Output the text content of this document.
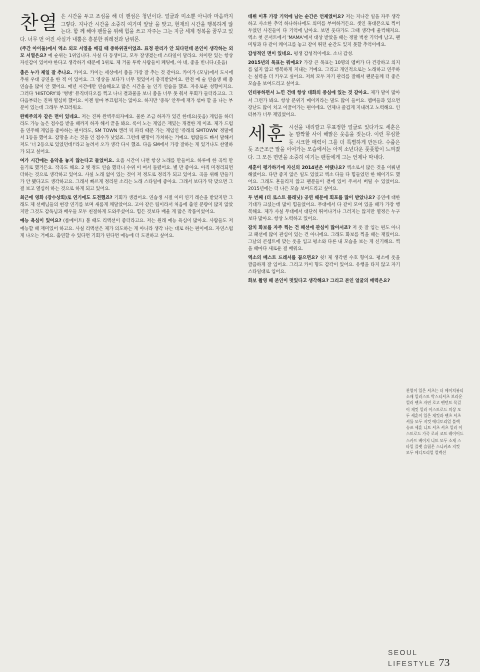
찬열 은 시간을 두고 조심을 해 더 핸섬은 청년이다. 얼굴과 미소뿐 아니라 마음까지 그렇다. 지나간 시간을 소중히 여기며 앞날 을 맞고, 현재의 시간을 행복하게 않는다. 함 께 해야 팬들을 위해 힘을 쓰고 자주는 그는 지금 세계 정복을 꿈꾸고 있다. 너무 먼 어진 사실가 내뿜은 흥분한 위레전과 남위몬.

(주간 아이돌)에서 엑소 외모 서열을 매길 때 중하위권이었죠. 표정 관리가 안 되다던데 본인이 생각하는 외모 서열은요? 예 순위는 1위입니다. 사실 다 동생이고, 모두 잘생겼는데 스타일이 달라요. 차이란 있는 항상 자신감이 있어야 한다고 생각하기 때문에 1위로. 제 거울 투박 사람들이 페팅에, 아 네, 좋을 빈니다.(웃음)

춤은 누가 제일 잘 추나요. 카이요. 카이는 세상에서 춤을 가장 잘 추는 것 같아요. 카이가 (모닝)에서 도시에 추위 우대 공연을 한 적 이 있어요. 그 영상을 보다가 너무 멋있어서 충격받았어요. 완전 예 술 연습생 때 춤 연습을 많이 안 했어요. 매년 시간에만 연습해요고 많은 시간을 늘 인기 연습을 했죠. 자유로운 성향이지요. 그러다 'HISTORY'와 '벙벙' 뮤직비디오를 찍고 나니 결과물을 보니 춤을 너무 못 춰서 후회가 들더라고요. 그다음부터는 진짜 열심히 했어요. 이젠 얼마 부끄럽지는 않아요. 하지만 '중독' 안무에 재가 섞마 할 을 나는 부분이 있는데 그래두 부끄러워요.

완벽주의자 같은 면이 있네요. 저는 진짜 완벽주의자예요. 물론 조금 하자가 있긴 한데요(웃음) 게임을 하더라도 가능 높은 점수를 받을 때까지 하자 해서 끝을 봐요. 록이 노는 게임은 재밌는 개결한 게 이죠. 제가 드럼을 연주해 게임을 좋아하는 편이라도, SM TOWN 캔러 픽 파티 때문 가는 게임인 '쥬래의 SMTOWN' 정말에서 1등을 했어요. 잠망을 소는 것을 인 점수가 낫었죠. 그런데 팬망이 가쳐하는 거예요. 범람들도 빠서 말해서 저도 '너 2등으로 있었던데!'라고 놀려서 오가 생각 다시 했죠. 다음 SM에서 가장 잘하는 게 있거나도 찬열하가 되고 싶어요.

여가 시간에는 음악을 놓지 않는다고 들었어요. 요즘 시간이 나면 항상 노래를 만들어요. 하루에 한 곡씩 만들기로 했거든요. 작곡도 해요. 2 옛 정도 연습 했더니 수위 이 여서 돌렸어요. 별 만 좋아요. 아직 미정리되면 더하는 것으로 생각하고 있어요. 사실 노래 없이 있는 것이 저 정도로 정리가 되고 있어요. 곡을 위해 만들기가 안 됐다고도 생각하고요. 그래서 빠르게 정리된 소리는 노래 스타일에 좋아요. 그래서 보다가 딱 맞으면 그걸 보고 열심히 하는 것으로 하게 되고 있어요.

최근에 영화 (장수상회)로 연기에도 도전했죠? 기회가 생겼어요. 연습생 시절 이미 연기 레슨을 받았지만 그래도 제 선배님들의 현장 연기를 보며 새롭게 깨달았어요. 고아 같은 팀이라서 처음에 출연 분량이 많지 않았지만 그것도 감독님과 배우들 모두 친절하게 도와주셨어요. 힘든 것보다 배울 게 많은 작품이었어요.

예능 욕심이 있어요? (룸메이트) 볼 때도 리액션이 좋더라고요. 저는 원래 예능 욕심이 많아요. 사람들도 저 예능할 때 재미있어 하고요. 사실 리액션은 제가 의도하는 게 아니라 생각 나는 대로 하는 편이에요. 자연스럽게 나오는 거예요. 출연할 수 있다면 기회가 된다면 예능에 더 도전하고 싶어요.

데뷔 이후 가장 기억에 남는 순간은 언제였어요? 저는 지나간 일을 자주 생각하고 사소한 추억 하나하나에도 의미를 부여하거든요. 셋인 휴대폰으로 찍어두었던 사진들이 다 기억에 남아요. 보면 웃다가도 그때 생각에 울컥해져요. 엑소 첫 콘서트에서 'MAMA'에서 대상 받았을 때는 정말 벅찬 기억에 남고, 팬미팅과 다 같이 케이크를 놓고 같이 뛰던 순간도 잊지 못할 추억이에요.

감성적인 면이 있네요. 평생 감성적이에요. 소니 감성.

2015년의 목표는 뭐예요? 가장 큰 목표는 10명의 멤버가 다 건강하고 의지를 잃지 않고 행복하게 지내는 거예요. 그리고 개인적으로는 노래하고 연주하는 실력을 더 키우고 싶어요. 저희 모두 자기 관리를 잘해서 팬분들께 더 좋은 모습을 보여드리고 싶어요.

인터뷰하면서 느낀 건데 항상 대화의 중심에 있는 것 같아요. 제가 말이 많아서 그런가 봐요. 항상 분위기 메이커라는 말도 많이 들어요. 멤버들과 있으면 장난도 많이 치고 이끌어가는 편이에요. 언제나 즐겁게 지내려고 노력해요. 인터뷰가 너무 재밌었어요.

세훈 시선을 내리깔고 무표정한 얼굴로 있다가도 세훈은 눈 깜짝할 사이 해맑은 웃음을 짓는다. 이런 무심한 듯 시크한 매력이 그를 더 특별하게 만든다. 수줍은 듯 조근조근 말을 이어가는 모습에서는 아직 소년다운 풋풋함이 느껴졌다. 그 모든 면면을 소중히 여기는 팬들에게 그는 언제나 막내다.

세훈이 평가하기에 자신의 2014년은 어땠나요? 엑소로서 많은 것을 이뤄낸 해였어요. 다만 좋지 않은 일도 있었고 엑소 다들 다 힘들었던 한 해이기도 했어요. 그래도 흔들리지 않고 팬분들이 곁에 있어 주셔서 버틸 수 있었어요. 2015년에는 더 나은 모습 보여드리고 싶어요.

두 번째 (더 로스트 플래닛) 공연 때문에 회포를 많이 받았나요? 공연에 대한 기대가 크셨는데 많이 힘들었어요. 무대에서 다 같이 모여 있을 때가 가장 행복해요. 제가 사실 무대에서 대단히 뛰어나거나 그러지는 않지만 열정은 누구보다 많아요. 항상 노력하고 있어요.

잠치 화보를 자주 찍는 건 패션에 관심이 많아서죠? 저 옷 잘 입는 편도 아니고 패션에 많이 관심이 있는 건 아니에요. 그래도 화보를 찍을 때는 재밌어요. 그날의 콘셉트에 맞는 옷을 입고 평소와 다른 내 모습을 보는 게 신기해요. 찍을 때마다 새로운 걸 배워요.

엑소의 베스트 드레서를 꼽으면요? 쉿! 제 생각엔 수호 형이요. 평소에 옷을 깔끔하게 잘 입어요. 그리고 카이 형도 감각이 있어요. 유행을 타지 않고 자기 스타일대로 입어요.

화보 촬영 때 본인이 멋있다고 생각해요? 그리고 본인 얼굴의 매력은요?

찬열이 입은 셔츠는 더 에이치뷰티 소매 일러스트 박스티셔츠 브라운 컬러 팬츠 자연 로고 펜던트 목걸이 재킷 일러 이스트로드 의상 모두 세훈이 입은 재킷과 팬츠 셔츠 셔틀 모두 지컷 에디토리얼 블랙 슈즈 세훈 니트 셔츠 셔츠 일러 이스트로드 가죽 로퍼 코트 레이어드 스카프 베이지 니트 모두 소재 스타일 플랫 슬립온 스니커즈 지컷 모두 에디토리얼 컬렉션
SEOUL LIFESTYLE 73
